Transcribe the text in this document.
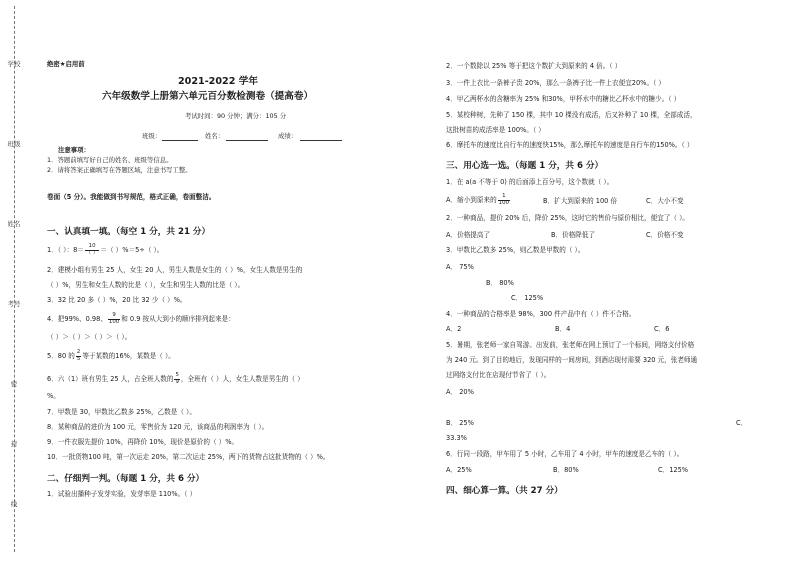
学校
班级
姓名
考号
密
封
线
绝密★启用前
2021-2022 学年
六年级数学上册第六单元百分数检测卷（提高卷）
考试时间：90 分钟；满分：105 分
班级：	姓名：	成绩：
注意事项：
1．答题前填写好自己的姓名、班级等信息。
2．请将答案正确填写在答题区域，注意书写工整。
卷面（5 分）。我能做到书写规范，格式正确，卷面整洁。
一、认真填一填。（每空 1 分，共 21 分）
1．（ ）：$8= \frac{10}{( )}$ ＝（ ）%＝5÷（ ）。
2．建模小组有男生 25 人，女生 20 人，男生人数是女生的（ ）%，女生人数是男生的
（ ）%，男生和女生人数的比是（ ），女生和男生人数的比是（ ）。
3．32 比 20 多（ ）%，20 比 32 少（ ）%。
4．把99%、0.98、 $\frac{9}{100}$ 和 0.9 按从大到小的顺序排列起来是：
（ ）＞（ ）＞（ ）＞（ ）。
5．80 的 $\frac{2}{5}$ 等于某数的16%，某数是（ ）。
6．六（1）班有男生 25 人，占全班人数的 $\frac{5}{9}$ ，全班有（ ）人，女生人数是男生的（ ）
%。
7．甲数是 30，甲数比乙数多 25%，乙数是（ ）。
8．某种商品的进价为 100 元，零售价为 120 元，该商品的利润率为（ ）。
9．一件衣服先提价 10%，再降价 10%，现价是原价的（ ）%。
10．一批货物100 吨，第一次运走 20%，第二次运走 25%，两下的货物占这批货物的（ ）%。
二、仔细判一判。（每题 1 分，共 6 分）
1．试验出播种子发芽实验，发芽率是 110%。（ ）
2．一个数除以 25% 等于把这个数扩大到原来的 4 倍。（ ）
3．一件上衣比一条裤子贵 20%，那么一条裤子比一件上衣便宜20%。（ ）
4．甲乙两杯水的含糖率为 25% 和30%，甲杯水中的糖比乙杯水中的糖少。（ ）
5．某校种树，先种了 150 棵，其中 10 棵没有成活，后又补种了 10 棵，全部成活，
这批树苗的成活率是 100%。（ ）
6．摩托车的速度比自行车的速度快15%，那么摩托车的速度是自行车的150%。（ ）
三、用心选一选。（每题 1 分，共 6 分）
1．在 a(a 不等于 0) 的后面添上百分号，这个数就（ ）。
A．缩小到原来的 $\frac{1}{100}$	B．扩大到原来的 100 倍	C．大小不变
2．一种商品，提价 20% 后，降价 25%，这时它的售价与原价相比，便宜了（ ）。
A．价格提高了	B．价格降低了	C．价格不变
3．甲数比乙数多 25%，则乙数是甲数的（ ）。
A． 75%
B． 80%
C． 125%
4．一种商品的合格率是 98%，300 件产品中有（ ）件不合格。
A．2	B．4	C．6
5．暑期，张老师一家自驾游。出发前，张老师在网上预订了一个标间，网络支付价格
为 240 元。到了目的地后，发现同样的一间房间，到酒店现付需要 320 元，张老师通
过网络支付比在店现付节省了（ ）。
A． 20%
B． 25%	C．
33.3%
6．行同一段路，甲车用了 5 小时，乙车用了 4 小时，甲车的速度是乙车的（ ）。
A．25%	B．80%	C．125%
四、细心算一算。（共 27 分）
